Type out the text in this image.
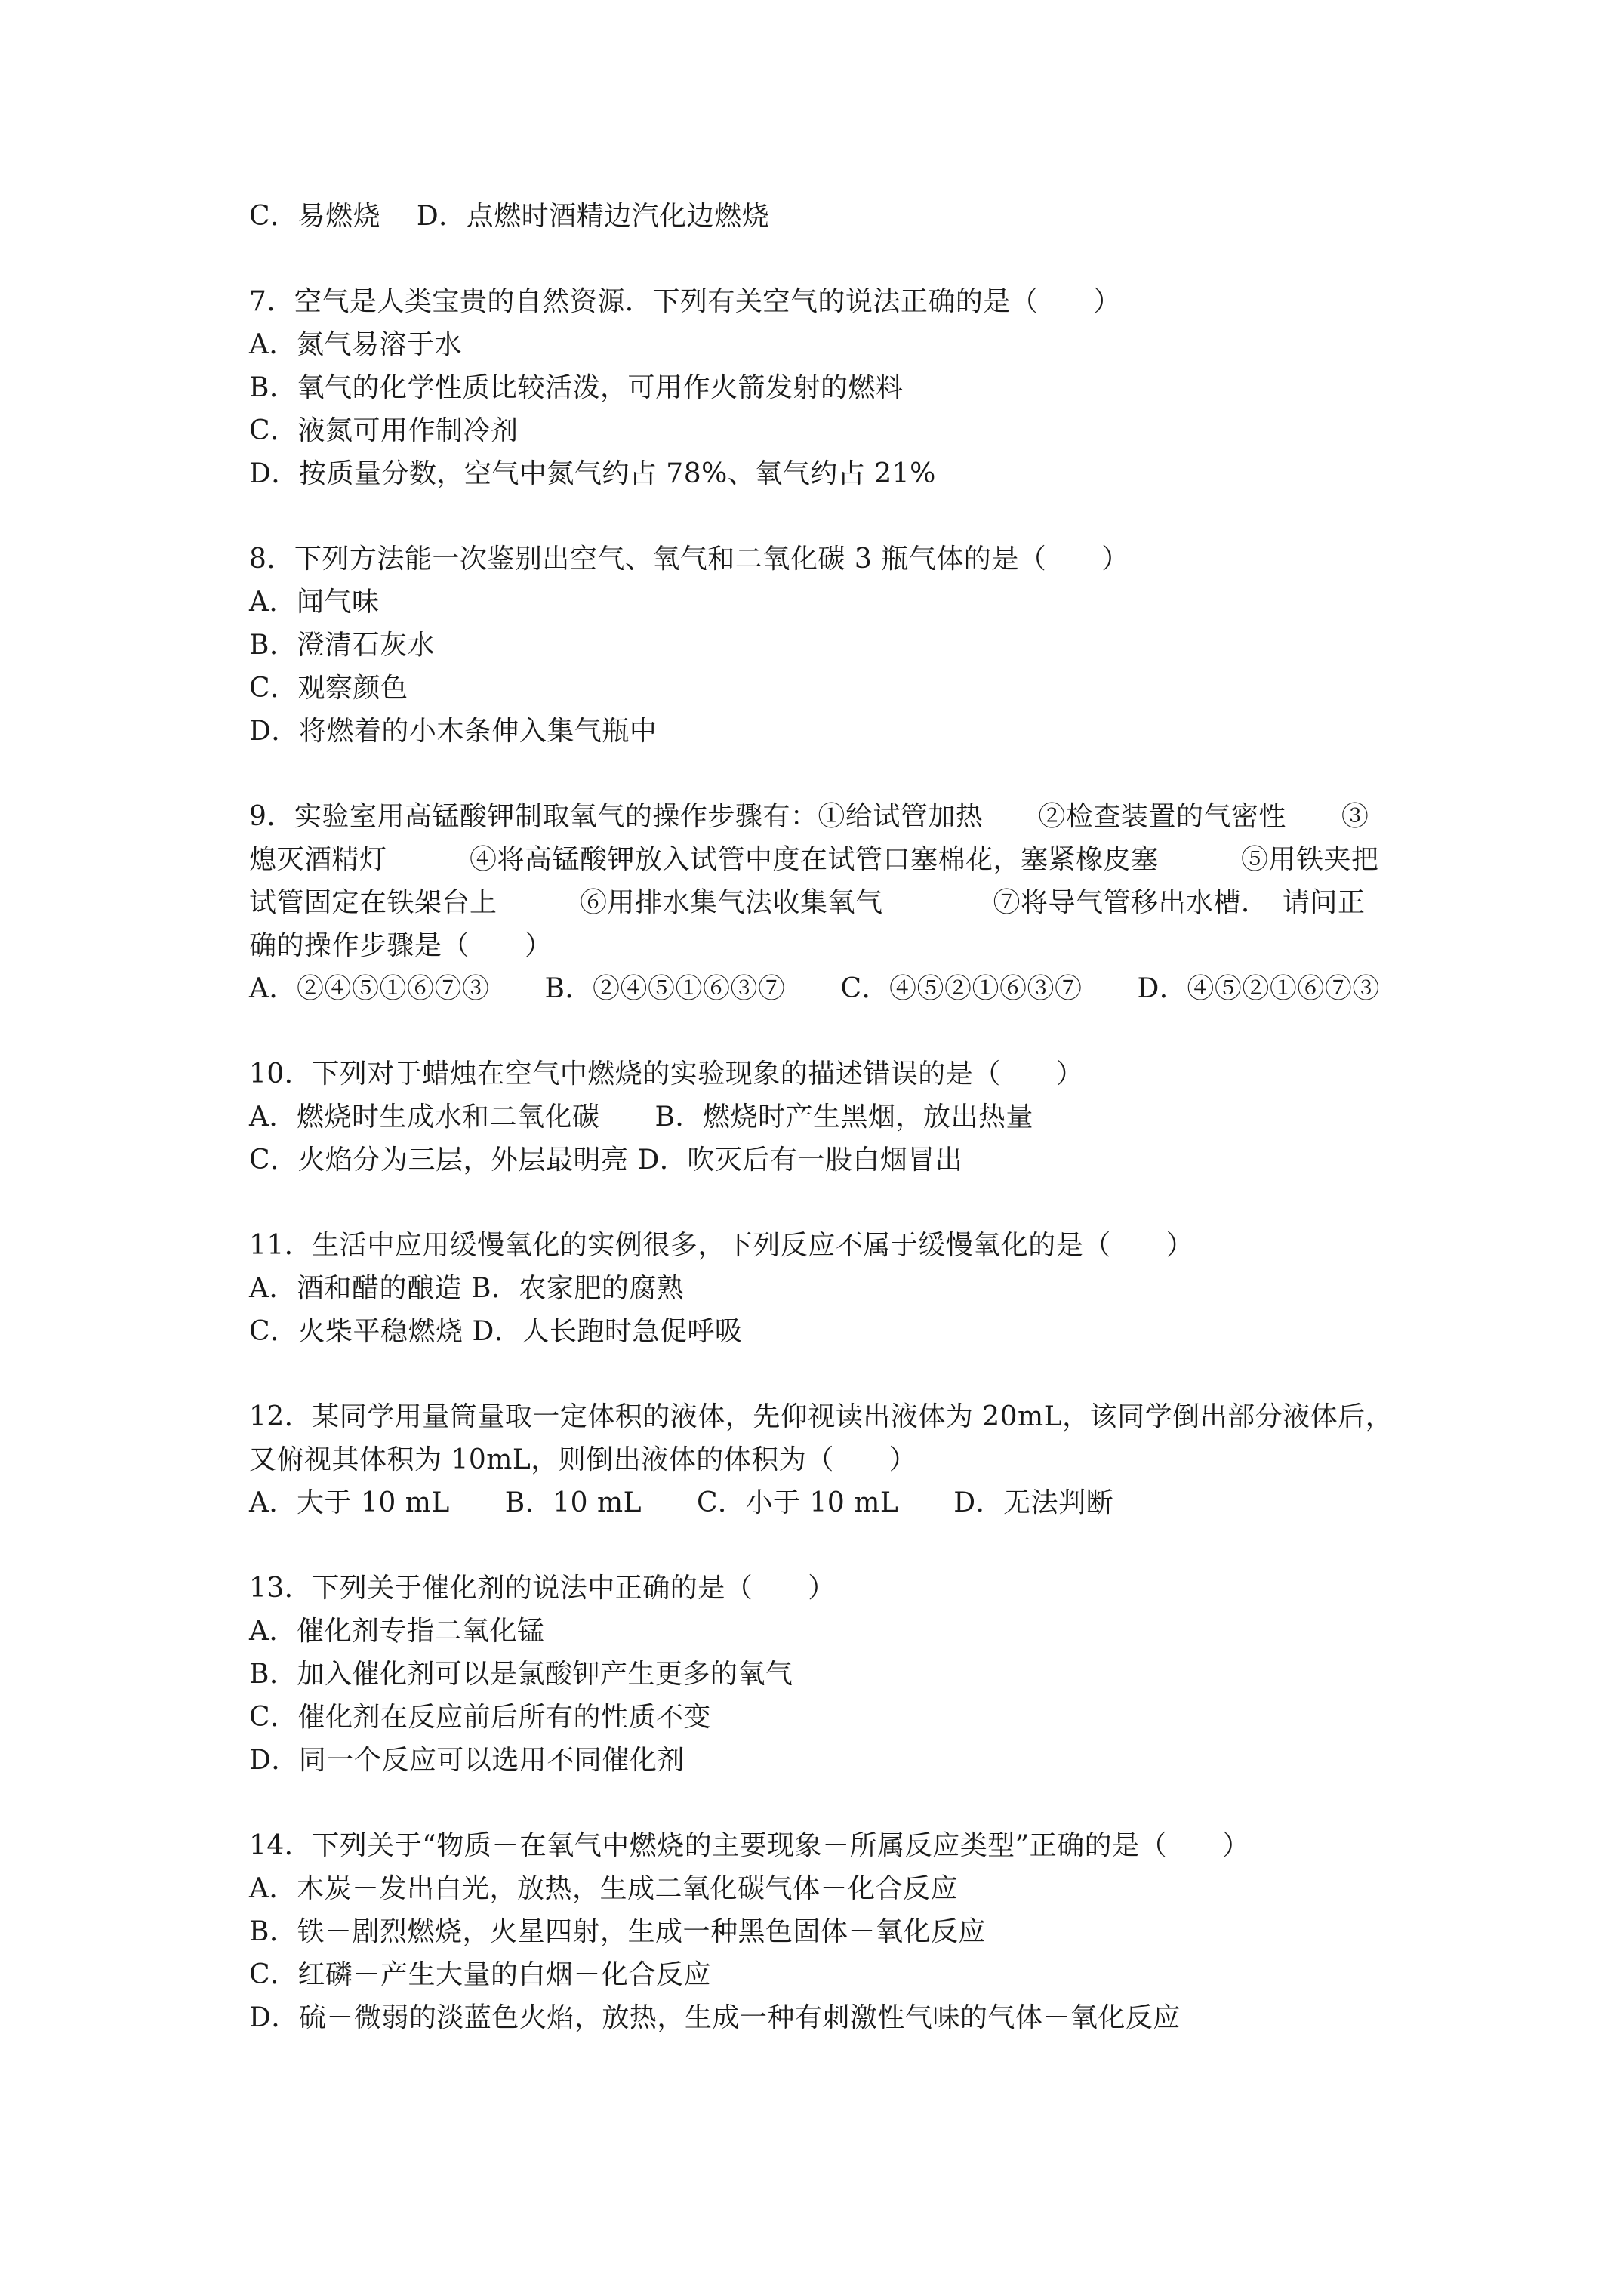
C．易燃烧    D．点燃时酒精边汽化边燃烧
7．空气是人类宝贵的自然资源．下列有关空气的说法正确的是（　　）
A．氮气易溶于水
B．氧气的化学性质比较活泼，可用作火箭发射的燃料
C．液氮可用作制冷剂
D．按质量分数，空气中氮气约占 78%、氧气约占 21%
8．下列方法能一次鉴别出空气、氧气和二氧化碳 3 瓶气体的是（　　）
A．闻气味
B．澄清石灰水
C．观察颜色
D．将燃着的小木条伸入集气瓶中
9．实验室用高锰酸钾制取氧气的操作步骤有：①给试管加热　　②检查装置的气密性　　③
熄灭酒精灯　　　④将高锰酸钾放入试管中度在试管口塞棉花，塞紧橡皮塞　　　⑤用铁夹把
试管固定在铁架台上　　　⑥用排水集气法收集氧气　　　　⑦将导气管移出水槽．　请问正
确的操作步骤是（　　）
A．②④⑤①⑥⑦③　　B．②④⑤①⑥③⑦　　C．④⑤②①⑥③⑦　　D．④⑤②①⑥⑦③
10．下列对于蜡烛在空气中燃烧的实验现象的描述错误的是（　　）
A．燃烧时生成水和二氧化碳　　B．燃烧时产生黑烟，放出热量
C．火焰分为三层，外层最明亮 D．吹灭后有一股白烟冒出
11．生活中应用缓慢氧化的实例很多，下列反应不属于缓慢氧化的是（　　）
A．酒和醋的酿造 B．农家肥的腐熟
C．火柴平稳燃烧 D．人长跑时急促呼吸
12．某同学用量筒量取一定体积的液体，先仰视读出液体为 20mL，该同学倒出部分液体后，
又俯视其体积为 10mL，则倒出液体的体积为（　　）
A．大于 10 mL　　B．10 mL　　C．小于 10 mL　　D．无法判断
13．下列关于催化剂的说法中正确的是（　　）
A．催化剂专指二氧化锰
B．加入催化剂可以是氯酸钾产生更多的氧气
C．催化剂在反应前后所有的性质不变
D．同一个反应可以选用不同催化剂
14．下列关于“物质－在氧气中燃烧的主要现象－所属反应类型”正确的是（　　）
A．木炭－发出白光，放热，生成二氧化碳气体－化合反应
B．铁－剧烈燃烧，火星四射，生成一种黑色固体－氧化反应
C．红磷－产生大量的白烟－化合反应
D．硫－微弱的淡蓝色火焰，放热，生成一种有刺激性气味的气体－氧化反应
